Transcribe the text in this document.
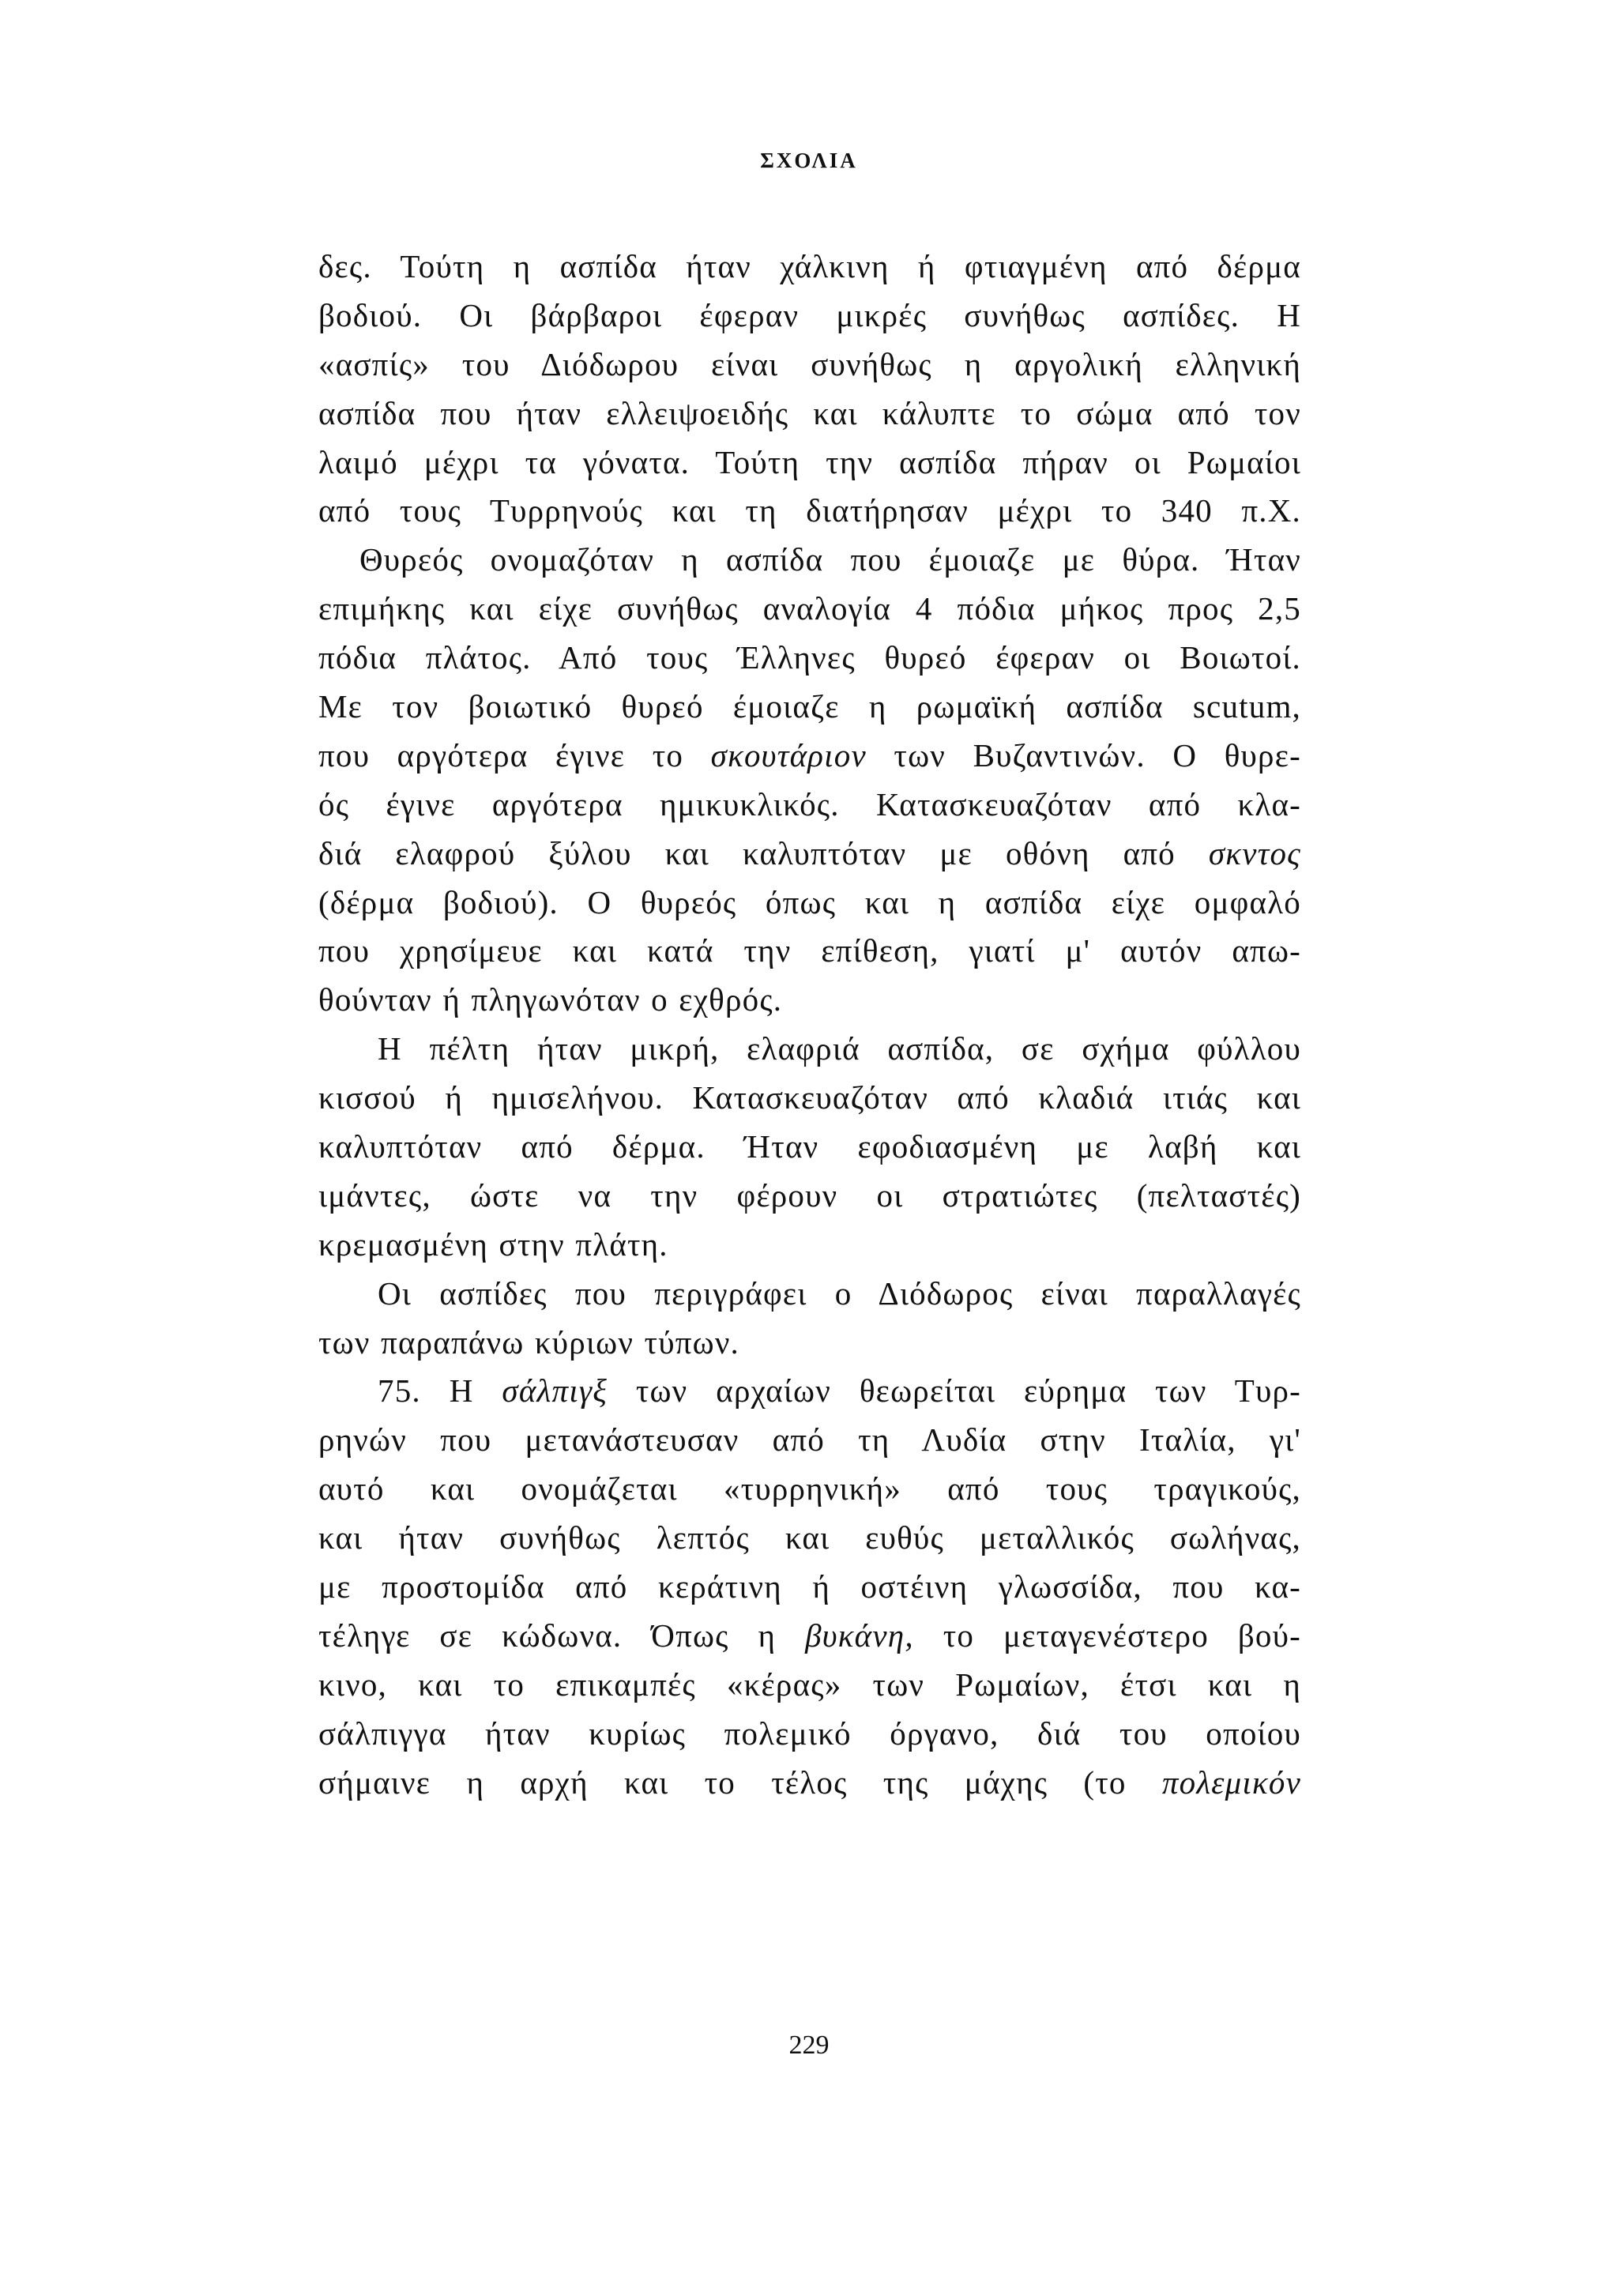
ΣΧΟΛΙΑ
δες. Τούτη η ασπίδα ήταν χάλκινη ή φτιαγμένη από δέρμα
βοδιού. Οι βάρβαροι έφεραν μικρές συνήθως ασπίδες. Η
«ασπίς» του Διόδωρου είναι συνήθως η αργολική ελληνική
ασπίδα που ήταν ελλειψοειδής και κάλυπτε το σώμα από τον
λαιμό μέχρι τα γόνατα. Τούτη την ασπίδα πήραν οι Ρωμαίοι
από τους Τυρρηνούς και τη διατήρησαν μέχρι το 340 π.Χ.
Θυρεός ονομαζόταν η ασπίδα που έμοιαζε με θύρα. Ήταν
επιμήκης και είχε συνήθως αναλογία 4 πόδια μήκος προς 2,5
πόδια πλάτος. Από τους Έλληνες θυρεό έφεραν οι Βοιωτοί.
Με τον βοιωτικό θυρεό έμοιαζε η ρωμαϊκή ασπίδα scutum,
που αργότερα έγινε το σκουτάριον των Βυζαντινών. Ο θυρε-
ός έγινε αργότερα ημικυκλικός. Κατασκευαζόταν από κλα-
διά ελαφρού ξύλου και καλυπτόταν με οθόνη από σκντος
(δέρμα βοδιού). Ο θυρεός όπως και η ασπίδα είχε ομφαλό
που χρησίμευε και κατά την επίθεση, γιατί μ' αυτόν απω-
θούνταν ή πληγωνόταν ο εχθρός.
Η πέλτη ήταν μικρή, ελαφριά ασπίδα, σε σχήμα φύλλου
κισσού ή ημισελήνου. Κατασκευαζόταν από κλαδιά ιτιάς και
καλυπτόταν από δέρμα. Ήταν εφοδιασμένη με λαβή και
ιμάντες, ώστε να την φέρουν οι στρατιώτες (πελταστές)
κρεμασμένη στην πλάτη.
Οι ασπίδες που περιγράφει ο Διόδωρος είναι παραλλαγές
των παραπάνω κύριων τύπων.
75. Η σάλπιγξ των αρχαίων θεωρείται εύρημα των Τυρ-
ρηνών που μετανάστευσαν από τη Λυδία στην Ιταλία, γι'
αυτό και ονομάζεται «τυρρηνική» από τους τραγικούς,
και ήταν συνήθως λεπτός και ευθύς μεταλλικός σωλήνας,
με προστομίδα από κεράτινη ή οστέινη γλωσσίδα, που κα-
τέληγε σε κώδωνα. Όπως η βυκάνη, το μεταγενέστερο βού-
κινο, και το επικαμπές «κέρας» των Ρωμαίων, έτσι και η
σάλπιγγα ήταν κυρίως πολεμικό όργανο, διά του οποίου
σήμαινε η αρχή και το τέλος της μάχης (το πολεμικόν
229
